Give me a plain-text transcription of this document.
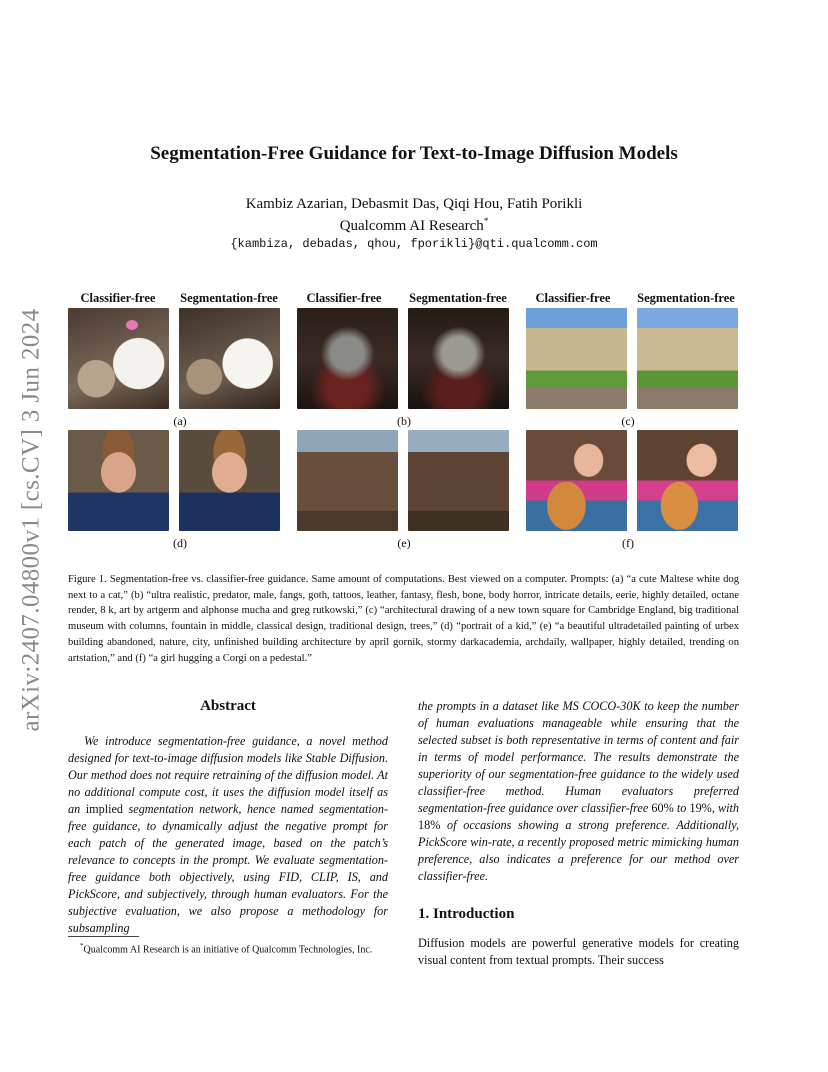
arXiv:2407.04800v1 [cs.CV] 3 Jun 2024
Segmentation-Free Guidance for Text-to-Image Diffusion Models
Kambiz Azarian, Debasmit Das, Qiqi Hou, Fatih Porikli
Qualcomm AI Research*
{kambiza, debadas, qhou, fporikli}@qti.qualcomm.com
Classifier-free	Segmentation-free	Classifier-free	Segmentation-free	Classifier-free	Segmentation-free
(a)	(b)	(c)
(d)	(e)	(f)

Figure 1. Segmentation-free vs. classifier-free guidance. Same amount of computations. Best viewed on a computer. Prompts: (a) “a cute Maltese white dog next to a cat,” (b) “ultra realistic, predator, male, fangs, goth, tattoos, leather, fantasy, flesh, bone, body horror, intricate details, eerie, highly detailed, octane render, 8 k, art by artgerm and alphonse mucha and greg rutkowski,” (c) “architectural drawing of a new town square for Cambridge England, big traditional museum with columns, fountain in middle, classical design, traditional design, trees,” (d) “portrait of a kid,” (e) “a beautiful ultradetailed painting of urbex building abandoned, nature, city, unfinished building architecture by april gornik, stormy darkacademia, archdaily, wallpaper, highly detailed, trending on artstation,” and (f) “a girl hugging a Corgi on a pedestal.”

Abstract

We introduce segmentation-free guidance, a novel method designed for text-to-image diffusion models like Stable Diffusion. Our method does not require retraining of the diffusion model. At no additional compute cost, it uses the diffusion model itself as an implied segmentation network, hence named segmentation-free guidance, to dynamically adjust the negative prompt for each patch of the generated image, based on the patch’s relevance to concepts in the prompt. We evaluate segmentation-free guidance both objectively, using FID, CLIP, IS, and PickScore, and subjectively, through human evaluators. For the subjective evaluation, we also propose a methodology for subsampling

the prompts in a dataset like MS COCO-30K to keep the number of human evaluations manageable while ensuring that the selected subset is both representative in terms of content and fair in terms of model performance. The results demonstrate the superiority of our segmentation-free guidance to the widely used classifier-free method. Human evaluators preferred segmentation-free guidance over classifier-free 60% to 19%, with 18% of occasions showing a strong preference. Additionally, PickScore win-rate, a recently proposed metric mimicking human preference, also indicates a preference for our method over classifier-free.

1. Introduction

Diffusion models are powerful generative models for creating visual content from textual prompts. Their success

*Qualcomm AI Research is an initiative of Qualcomm Technologies, Inc.
